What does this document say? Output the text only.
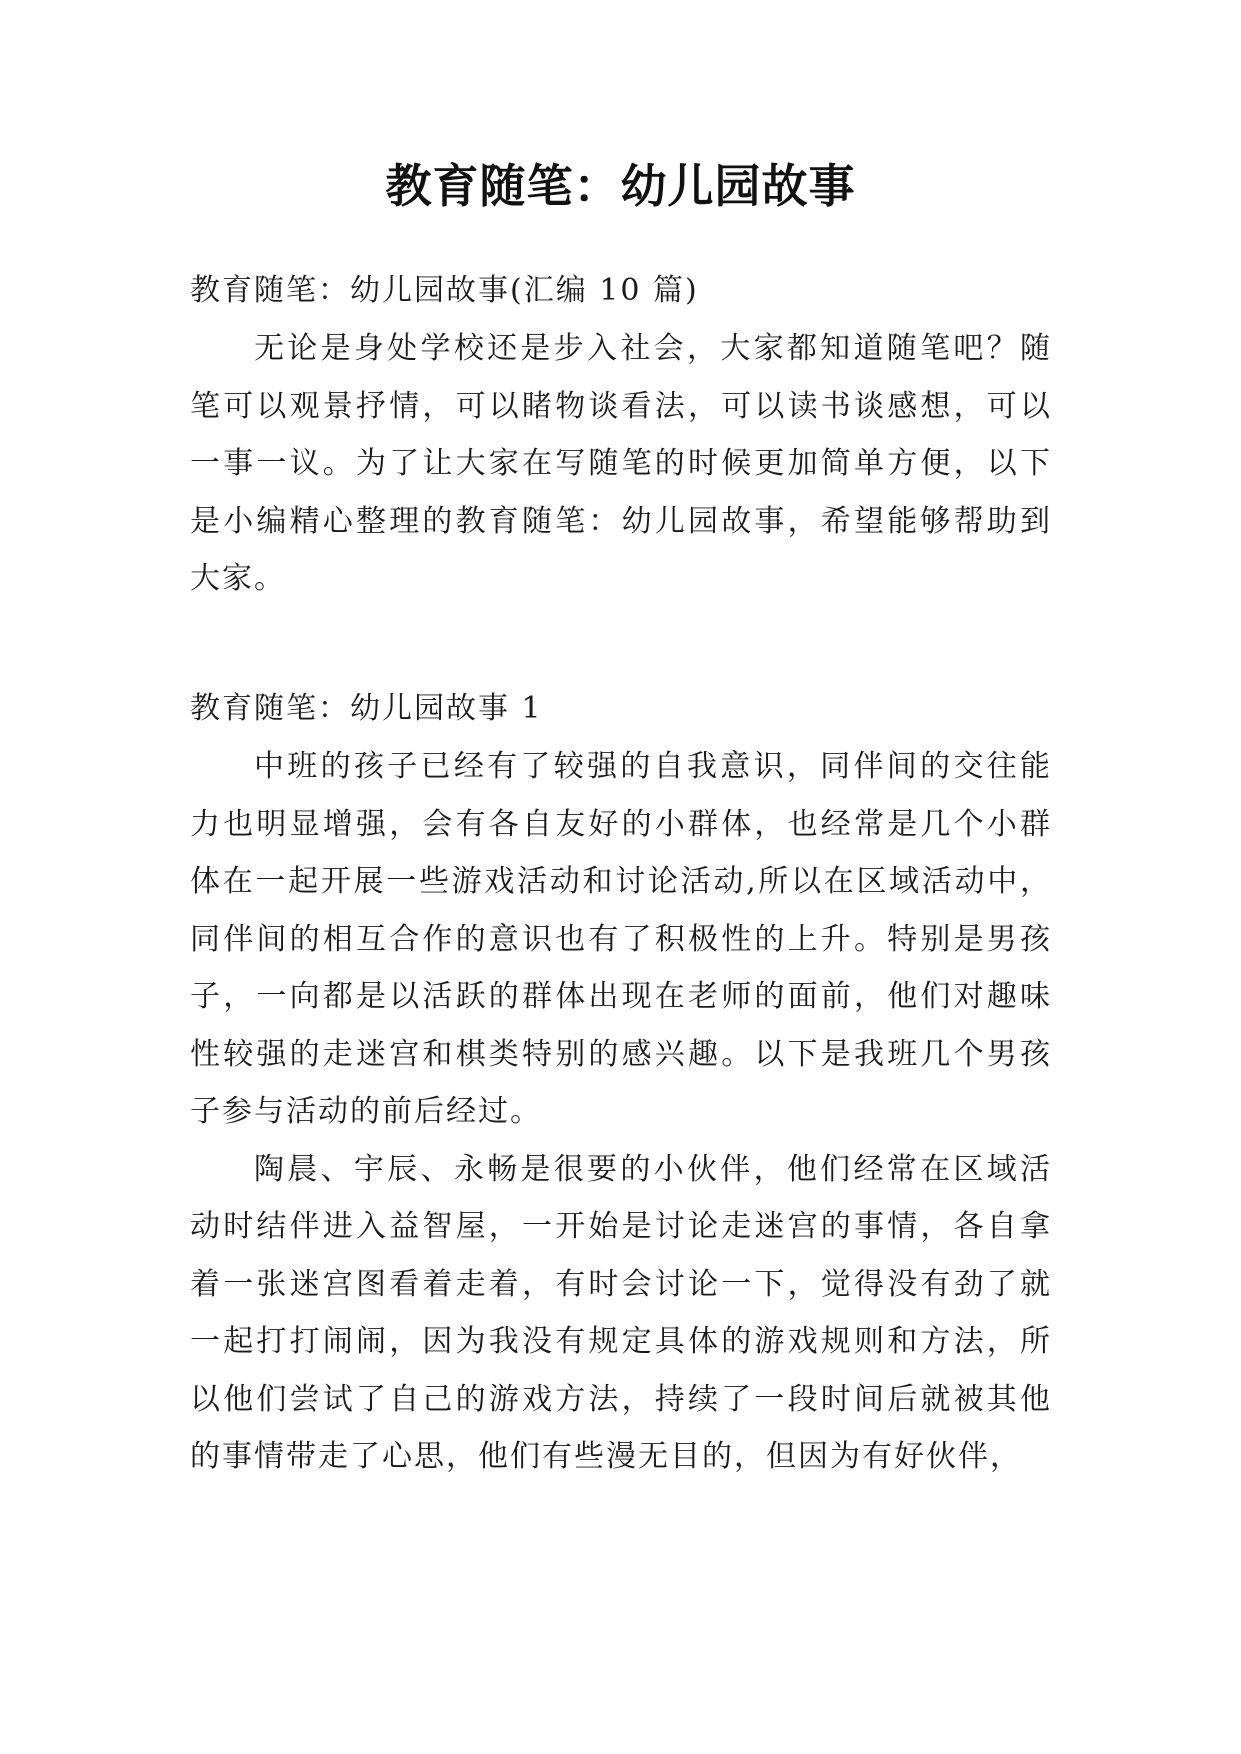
教育随笔：幼儿园故事
教育随笔：幼儿园故事(汇编 10 篇)

无论是身处学校还是步入社会，大家都知道随笔吧？随笔可以观景抒情，可以睹物谈看法，可以读书谈感想，可以一事一议。为了让大家在写随笔的时候更加简单方便，以下是小编精心整理的教育随笔：幼儿园故事，希望能够帮助到大家。

教育随笔：幼儿园故事 1

中班的孩子已经有了较强的自我意识，同伴间的交往能力也明显增强，会有各自友好的小群体，也经常是几个小群体在一起开展一些游戏活动和讨论活动,所以在区域活动中，同伴间的相互合作的意识也有了积极性的上升。特别是男孩子，一向都是以活跃的群体出现在老师的面前，他们对趣味性较强的走迷宫和棋类特别的感兴趣。以下是我班几个男孩子参与活动的前后经过。

陶晨、宇辰、永畅是很要的小伙伴，他们经常在区域活动时结伴进入益智屋，一开始是讨论走迷宫的事情，各自拿着一张迷宫图看着走着，有时会讨论一下，觉得没有劲了就一起打打闹闹，因为我没有规定具体的游戏规则和方法，所以他们尝试了自己的游戏方法，持续了一段时间后就被其他的事情带走了心思，他们有些漫无目的，但因为有好伙伴，
